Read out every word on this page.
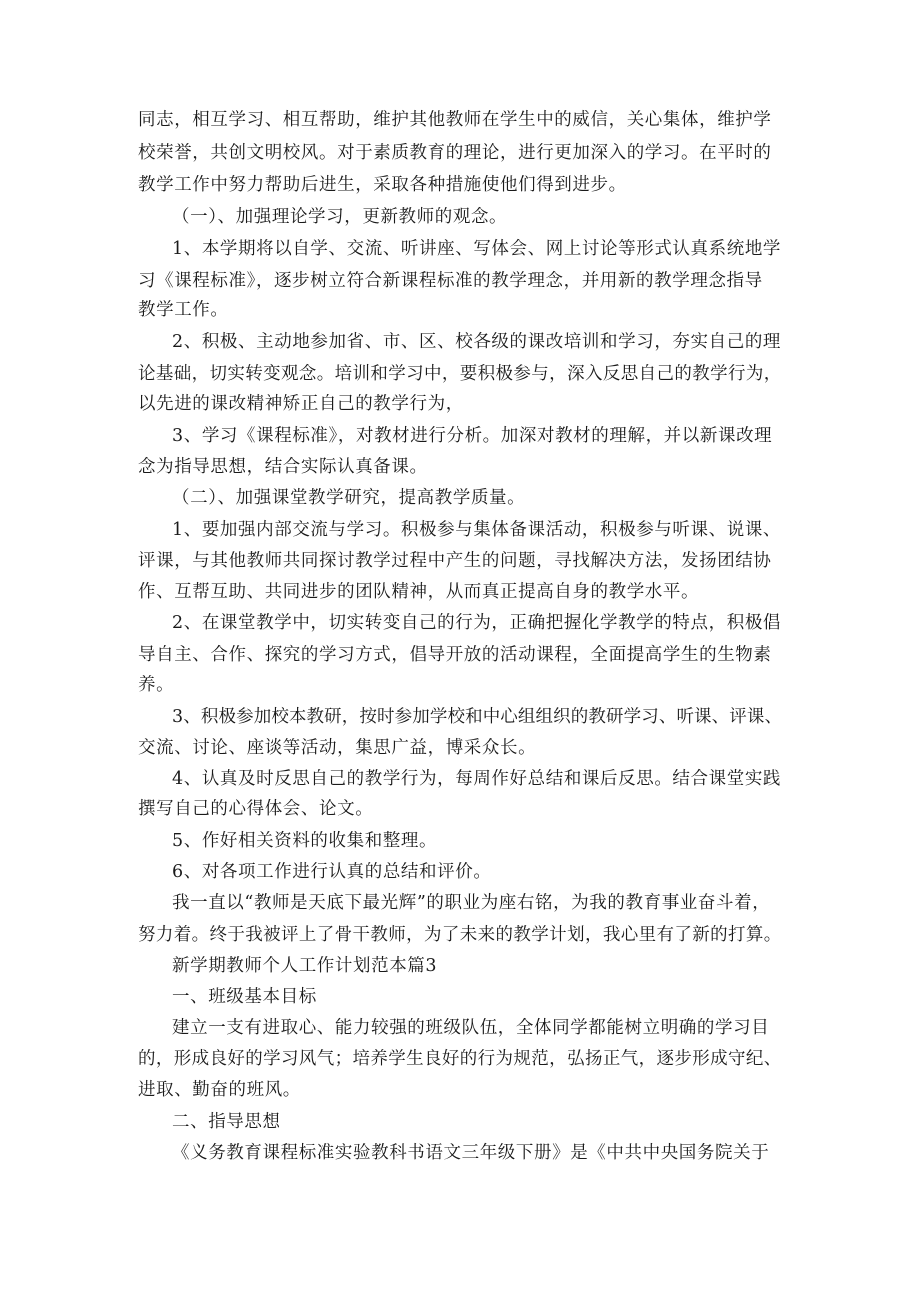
同志，相互学习、相互帮助，维护其他教师在学生中的威信，关心集体，维护学
校荣誉，共创文明校风。对于素质教育的理论，进行更加深入的学习。在平时的
教学工作中努力帮助后进生，采取各种措施使他们得到进步。
（一）、加强理论学习，更新教师的观念。
1、本学期将以自学、交流、听讲座、写体会、网上讨论等形式认真系统地学
习《课程标准》，逐步树立符合新课程标准的教学理念，并用新的教学理念指导
教学工作。
2、积极、主动地参加省、市、区、校各级的课改培训和学习，夯实自己的理
论基础，切实转变观念。培训和学习中，要积极参与，深入反思自己的教学行为，
以先进的课改精神矫正自己的教学行为，
3、学习《课程标准》，对教材进行分析。加深对教材的理解，并以新课改理
念为指导思想，结合实际认真备课。
（二）、加强课堂教学研究，提高教学质量。
1、要加强内部交流与学习。积极参与集体备课活动，积极参与听课、说课、
评课，与其他教师共同探讨教学过程中产生的问题，寻找解决方法，发扬团结协
作、互帮互助、共同进步的团队精神，从而真正提高自身的教学水平。
2、在课堂教学中，切实转变自己的行为，正确把握化学教学的特点，积极倡
导自主、合作、探究的学习方式，倡导开放的活动课程，全面提高学生的生物素
养。
3、积极参加校本教研，按时参加学校和中心组组织的教研学习、听课、评课、
交流、讨论、座谈等活动，集思广益，博采众长。
4、认真及时反思自己的教学行为，每周作好总结和课后反思。结合课堂实践
撰写自己的心得体会、论文。
5、作好相关资料的收集和整理。
6、对各项工作进行认真的总结和评价。
我一直以“教师是天底下最光辉”的职业为座右铭，为我的教育事业奋斗着，
努力着。终于我被评上了骨干教师，为了未来的教学计划，我心里有了新的打算。
新学期教师个人工作计划范本篇3
一、班级基本目标
建立一支有进取心、能力较强的班级队伍，全体同学都能树立明确的学习目
的，形成良好的学习风气；培养学生良好的行为规范，弘扬正气，逐步形成守纪、
进取、勤奋的班风。
二、指导思想
《义务教育课程标准实验教科书语文三年级下册》是《中共中央国务院关于
